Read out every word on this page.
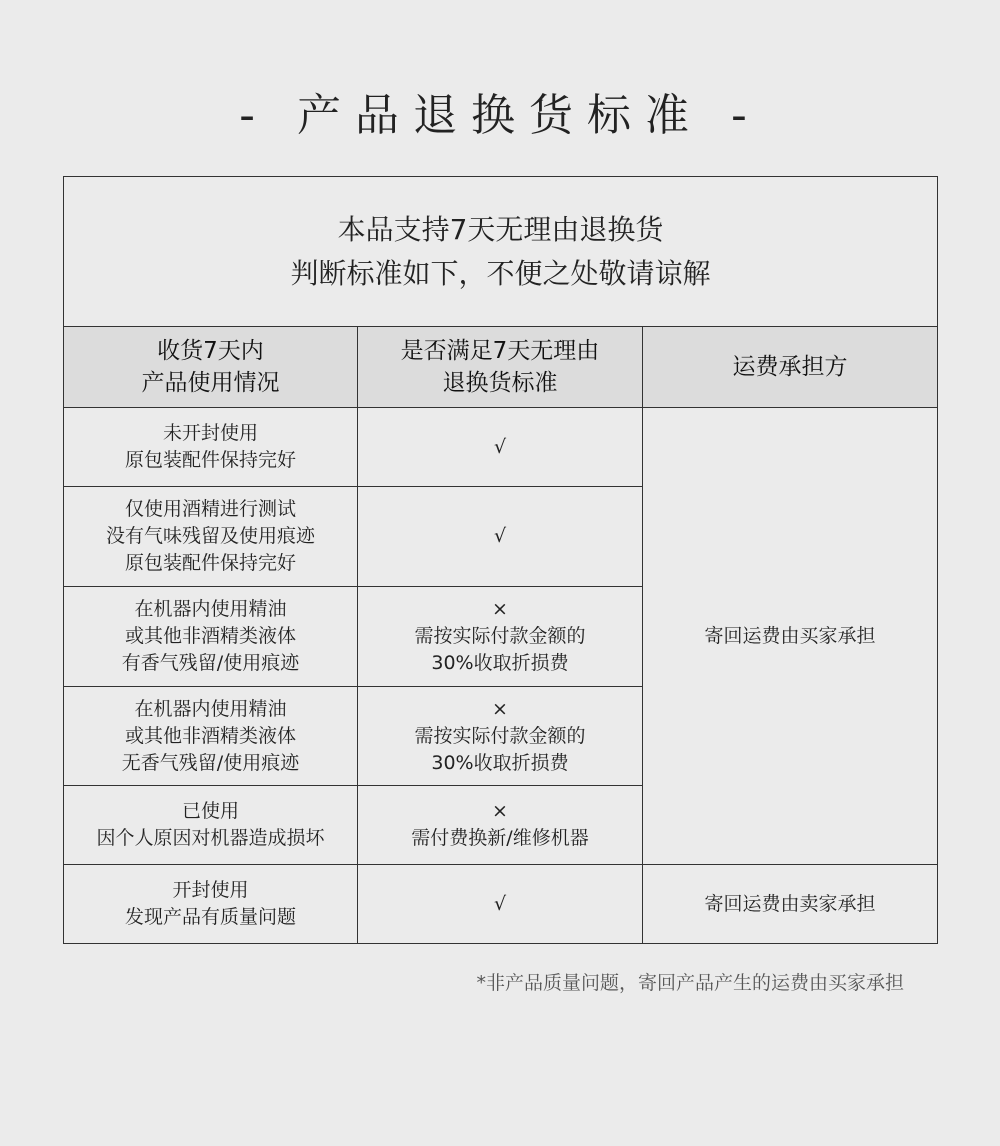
- 产品退换货标准 -
本品支持7天无理由退换货
判断标准如下，不便之处敬请谅解
收货7天内
产品使用情况
是否满足7天无理由
退换货标准
运费承担方
未开封使用
原包装配件保持完好
√
仅使用酒精进行测试
没有气味残留及使用痕迹
原包装配件保持完好
√
在机器内使用精油
或其他非酒精类液体
有香气残留/使用痕迹
×
需按实际付款金额的
30%收取折损费
在机器内使用精油
或其他非酒精类液体
无香气残留/使用痕迹
×
需按实际付款金额的
30%收取折损费
已使用
因个人原因对机器造成损坏
×
需付费换新/维修机器
寄回运费由买家承担
开封使用
发现产品有质量问题
√	寄回运费由卖家承担
*非产品质量问题，寄回产品产生的运费由买家承担
